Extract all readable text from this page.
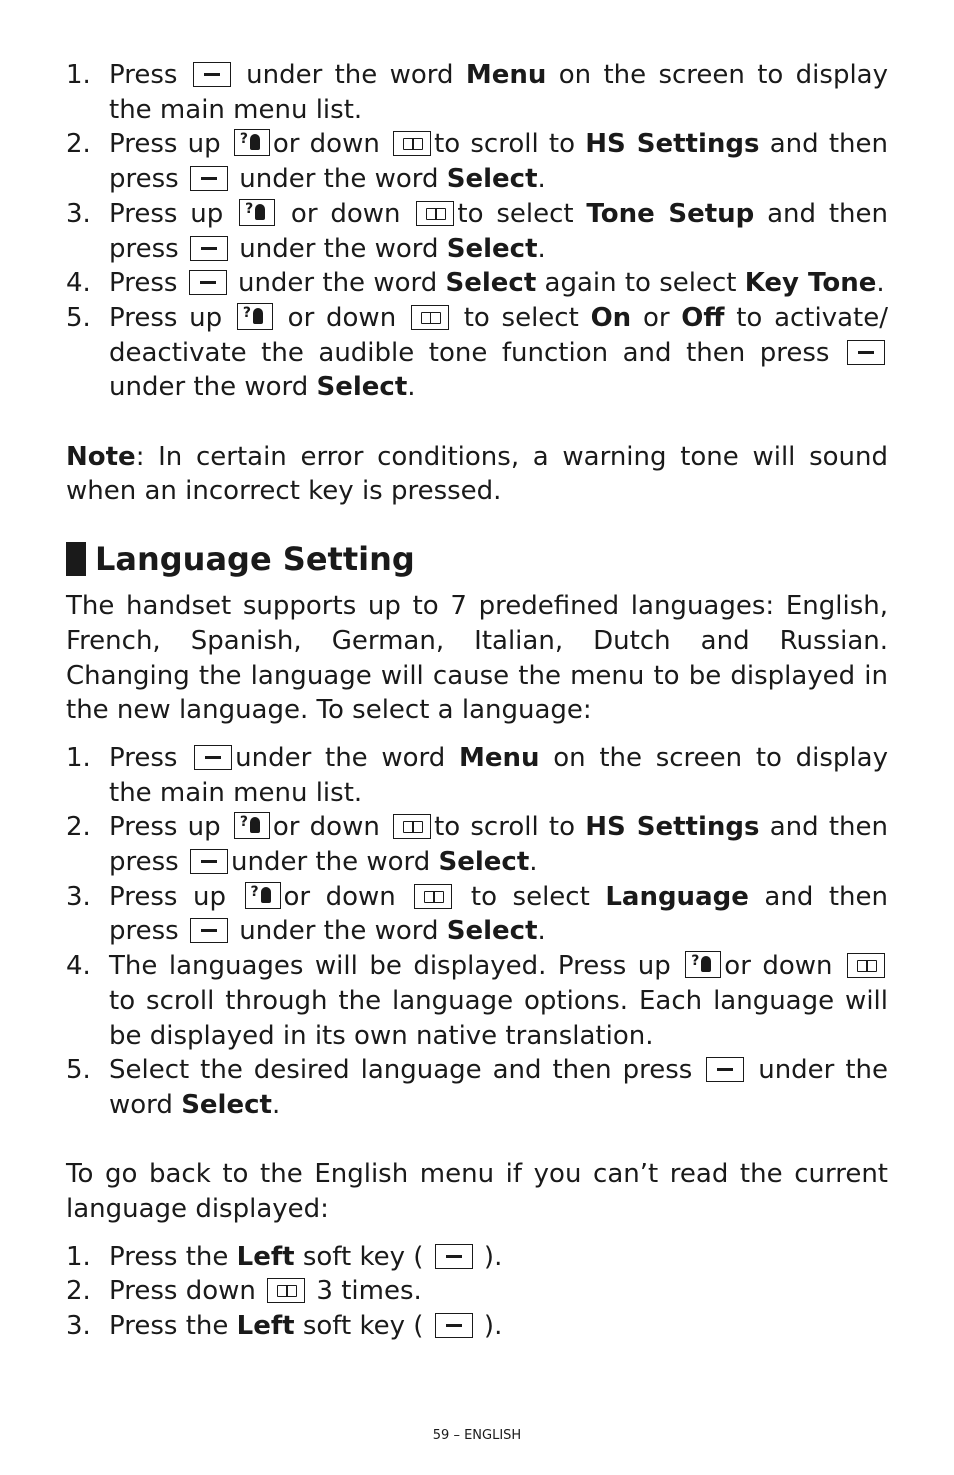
1. Press  under the word Menu on the screen to display the main menu list.
2. Press up ?or down to scroll to HS Settings and then press  under the word Select.
3. Press up ? or down to select Tone Setup and then press  under the word Select.
4. Press  under the word Select again to select Key Tone.
5. Press up ? or down  to select On or Off to activate/ deactivate the audible tone function and then press  under the word Select.

Note: In certain error conditions, a warning tone will sound when an incorrect key is pressed.

Language Setting

The handset supports up to 7 predefined languages: English, French, Spanish, German, Italian, Dutch and Russian. Changing the language will cause the menu to be displayed in the new language. To select a language:

1. Press under the word Menu on the screen to display the main menu list.
2. Press up ?or down to scroll to HS Settings and then press under the word Select.
3. Press up ?or down  to select Language and then press  under the word Select.
4. The languages will be displayed. Press up ?or down  to scroll through the language options. Each language will be displayed in its own native translation.
5. Select the desired language and then press  under the word Select.

To go back to the English menu if you can’t read the current language displayed:

1. Press the Left soft key (  ).
2. Press down  3 times.
3. Press the Left soft key (  ).
59 – ENGLISH
